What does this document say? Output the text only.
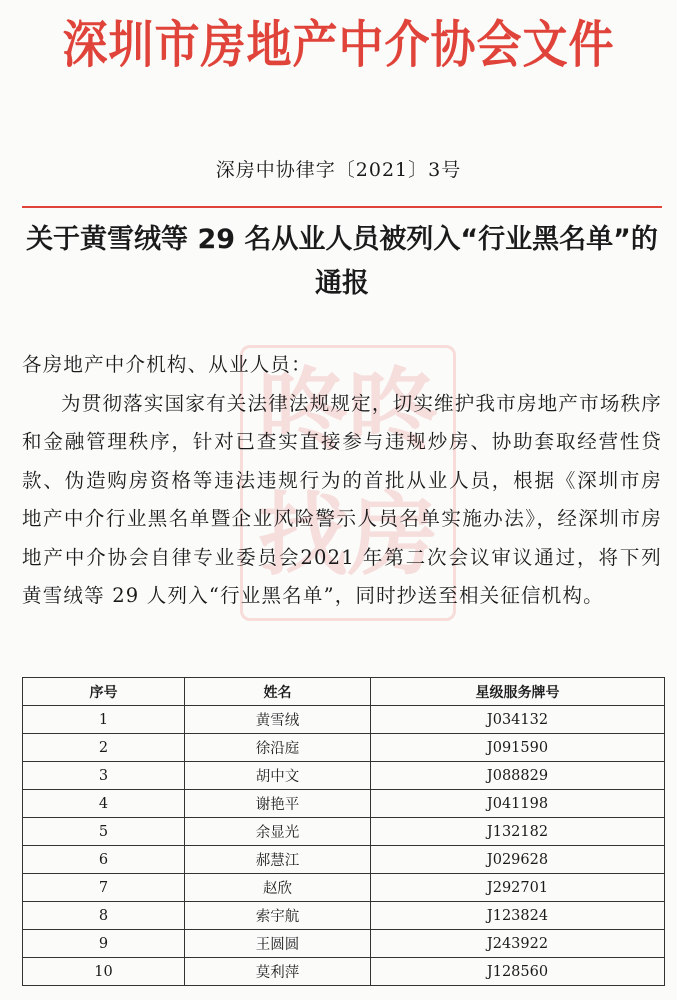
深圳市房地产中介协会文件
深房中协律字〔2021〕3号
关于黄雪绒等 29 名从业人员被列入“行业黑名单”的通报
咚咚找房

各房地产中介机构、从业人员：

为贯彻落实国家有关法律法规规定，切实维护我市房地产市场秩序和金融管理秩序，针对已查实直接参与违规炒房、协助套取经营性贷款、伪造购房资格等违法违规行为的首批从业人员，根据《深圳市房地产中介行业黑名单暨企业风险警示人员名单实施办法》，经深圳市房地产中介协会自律专业委员会2021 年第二次会议审议通过，将下列黄雪绒等 29 人列入“行业黑名单”，同时抄送至相关征信机构。

序号	姓名	星级服务牌号
1	黄雪绒	J034132
2	徐沿庭	J091590
3	胡中文	J088829
4	谢艳平	J041198
5	余显光	J132182
6	郝慧江	J029628
7	赵欣	J292701
8	索宇航	J123824
9	王圆圆	J243922
10	莫利萍	J128560
